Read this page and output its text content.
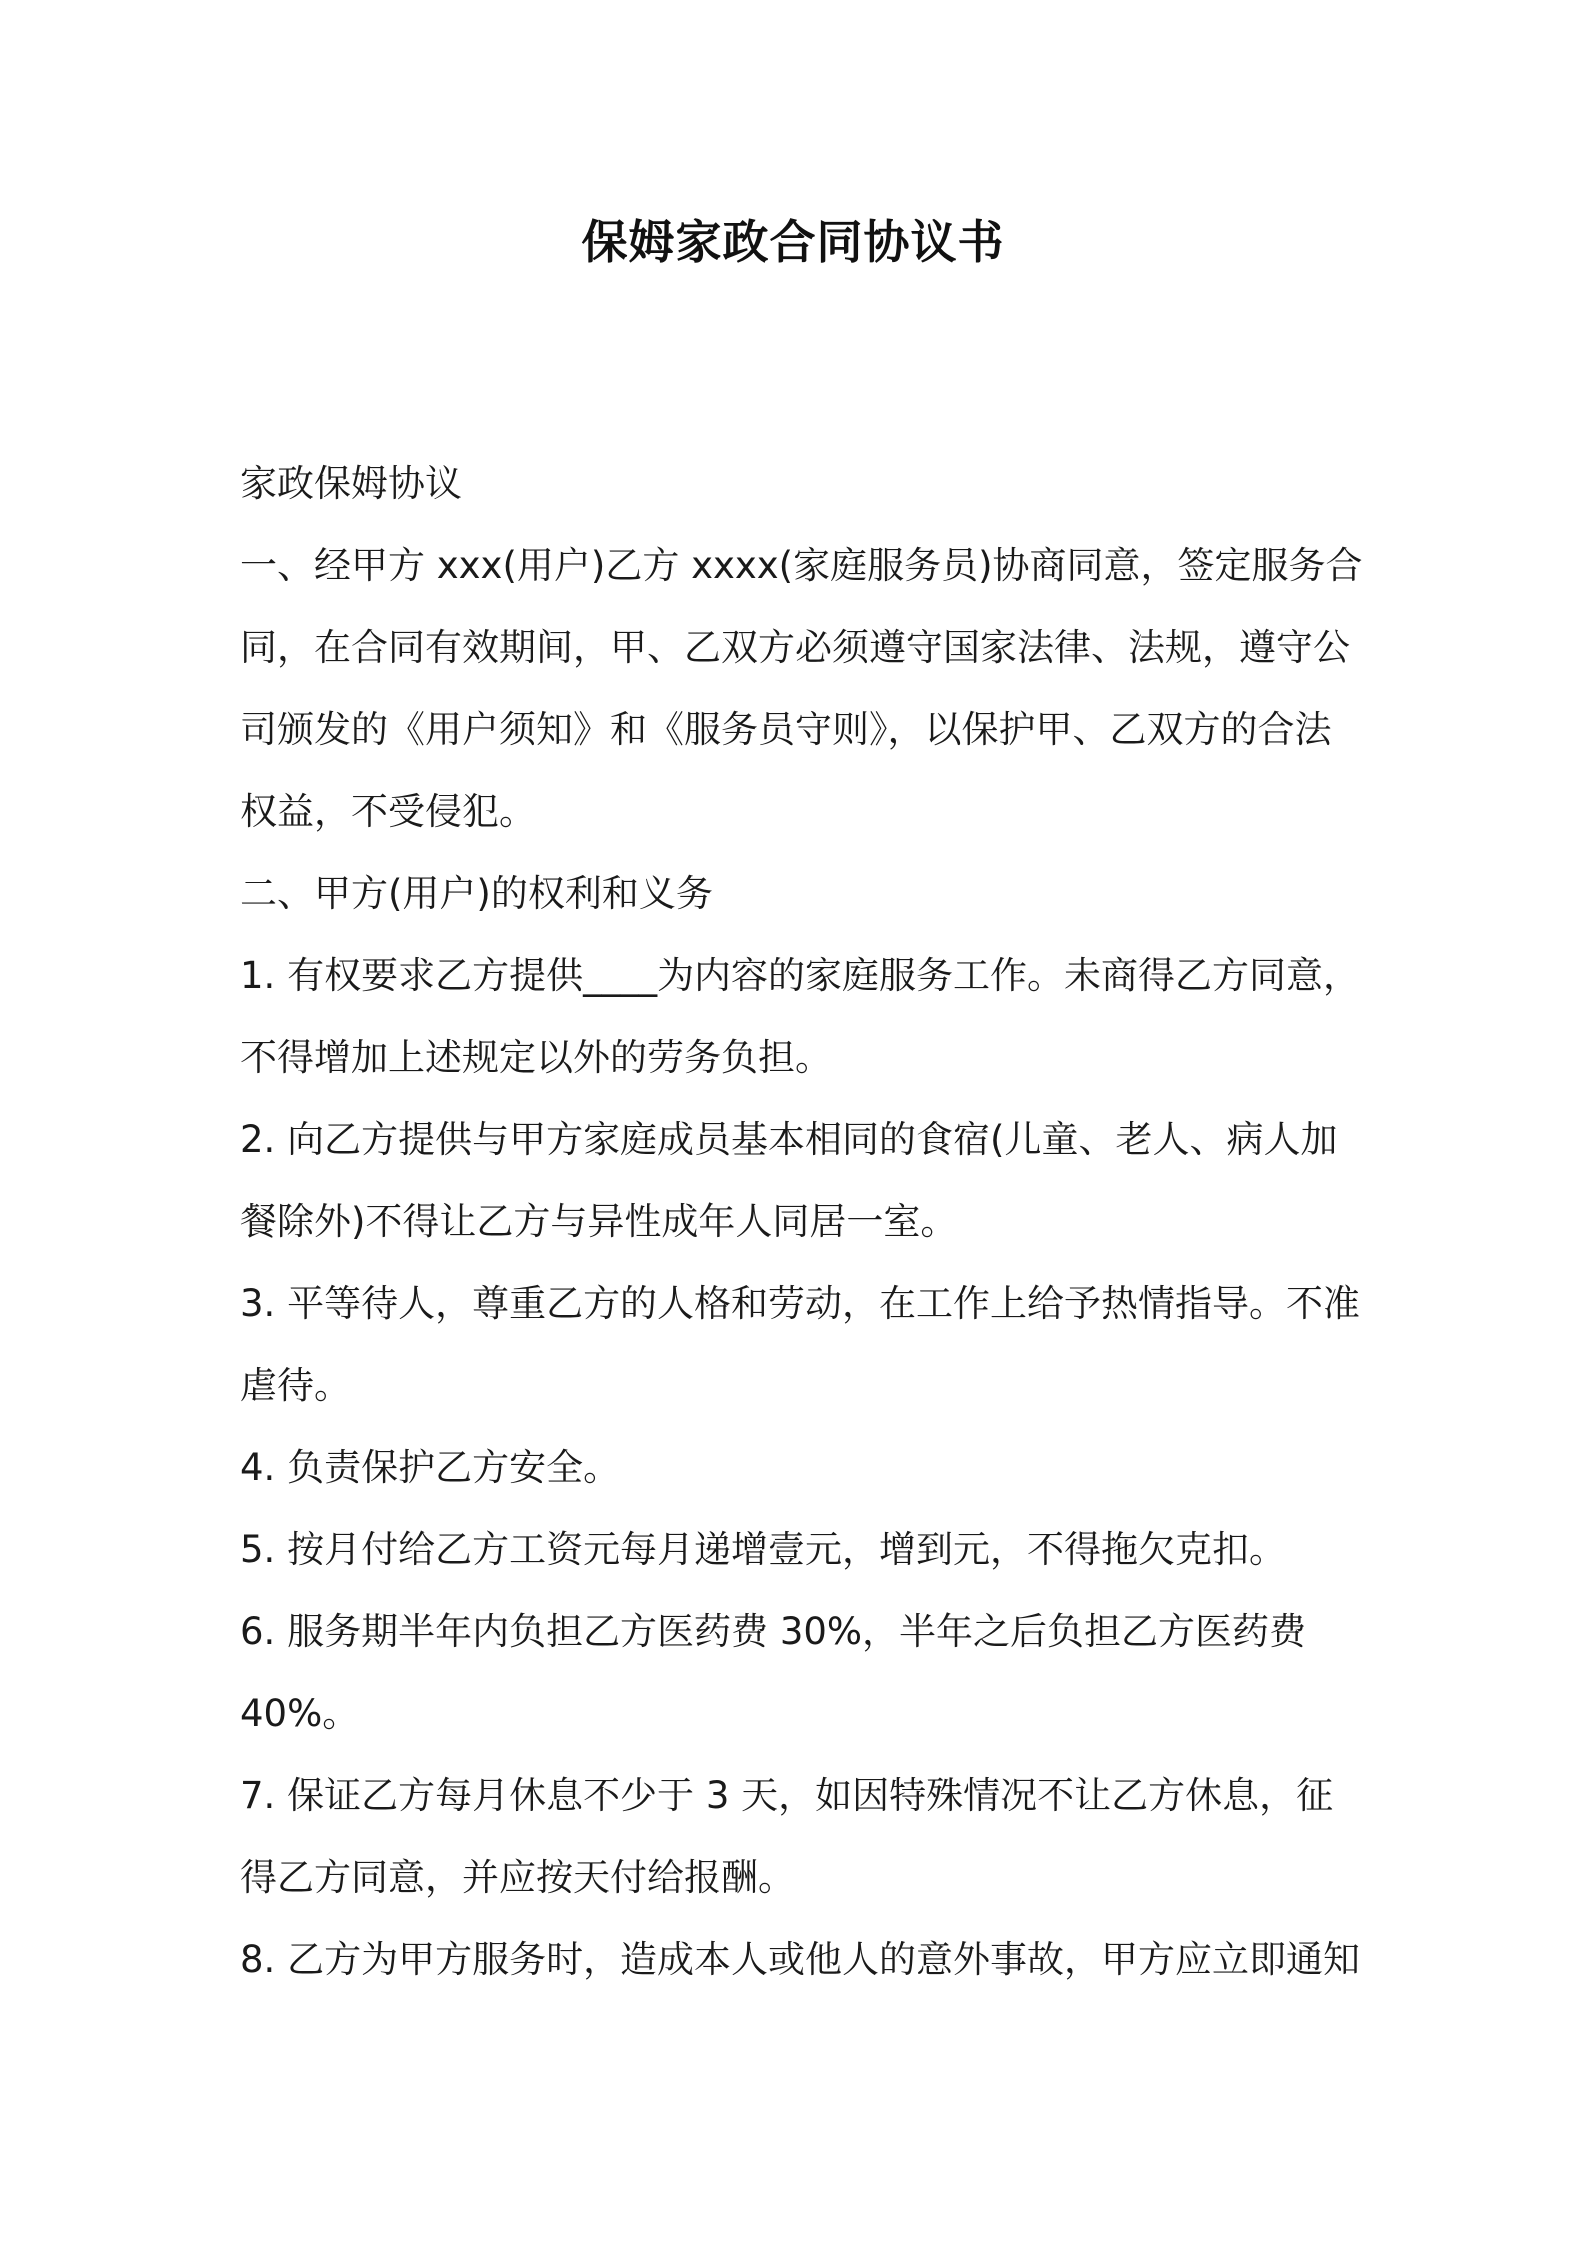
保姆家政合同协议书
家政保姆协议
一、经甲方 xxx(用户)乙方 xxxx(家庭服务员)协商同意，签定服务合
同，在合同有效期间，甲、乙双方必须遵守国家法律、法规，遵守公
司颁发的《用户须知》和《服务员守则》，以保护甲、乙双方的合法
权益，不受侵犯。
二、甲方(用户)的权利和义务
1. 有权要求乙方提供____为内容的家庭服务工作。未商得乙方同意，
不得增加上述规定以外的劳务负担。
2. 向乙方提供与甲方家庭成员基本相同的食宿(儿童、老人、病人加
餐除外)不得让乙方与异性成年人同居一室。
3. 平等待人，尊重乙方的人格和劳动，在工作上给予热情指导。不准
虐待。
4. 负责保护乙方安全。
5. 按月付给乙方工资元每月递增壹元，增到元，不得拖欠克扣。
6. 服务期半年内负担乙方医药费 30%，半年之后负担乙方医药费
40%。
7. 保证乙方每月休息不少于 3 天，如因特殊情况不让乙方休息，征
得乙方同意，并应按天付给报酬。
8. 乙方为甲方服务时，造成本人或他人的意外事故，甲方应立即通知
